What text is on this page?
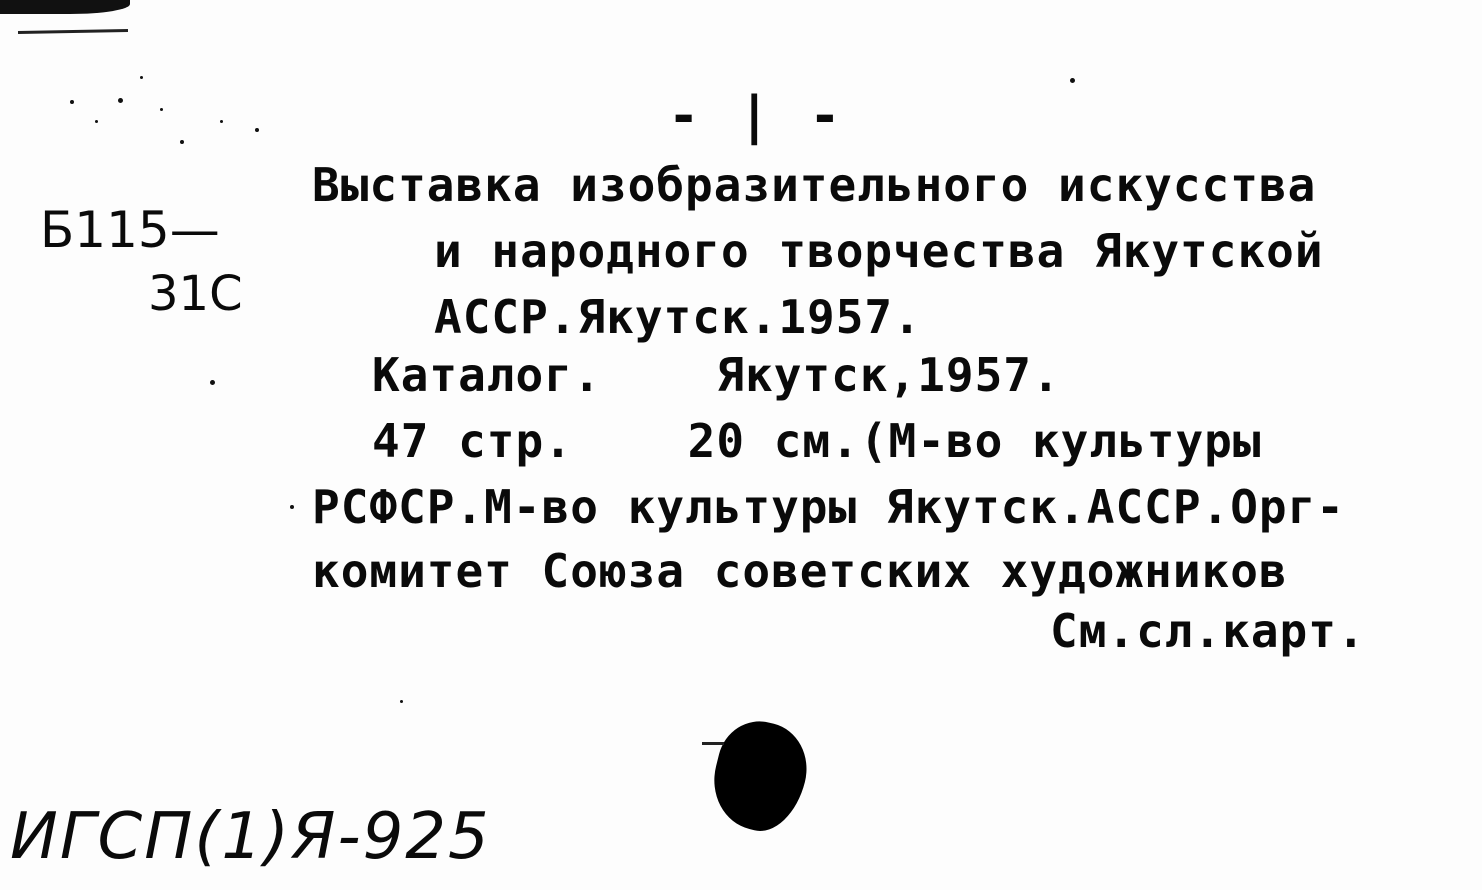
- | -
Б115—
31С
Выставка изобразительного искусства
и народного творчества Якутской
АССР.Якутск.1957.
Каталог.    Якутск,1957.
47 стр.    20 см.(М-во культуры
РСФСР.М-во культуры Якутск.АССР.Орг-
комитет Союза советских художников
См.сл.карт.
ИГСП(1)Я-925
